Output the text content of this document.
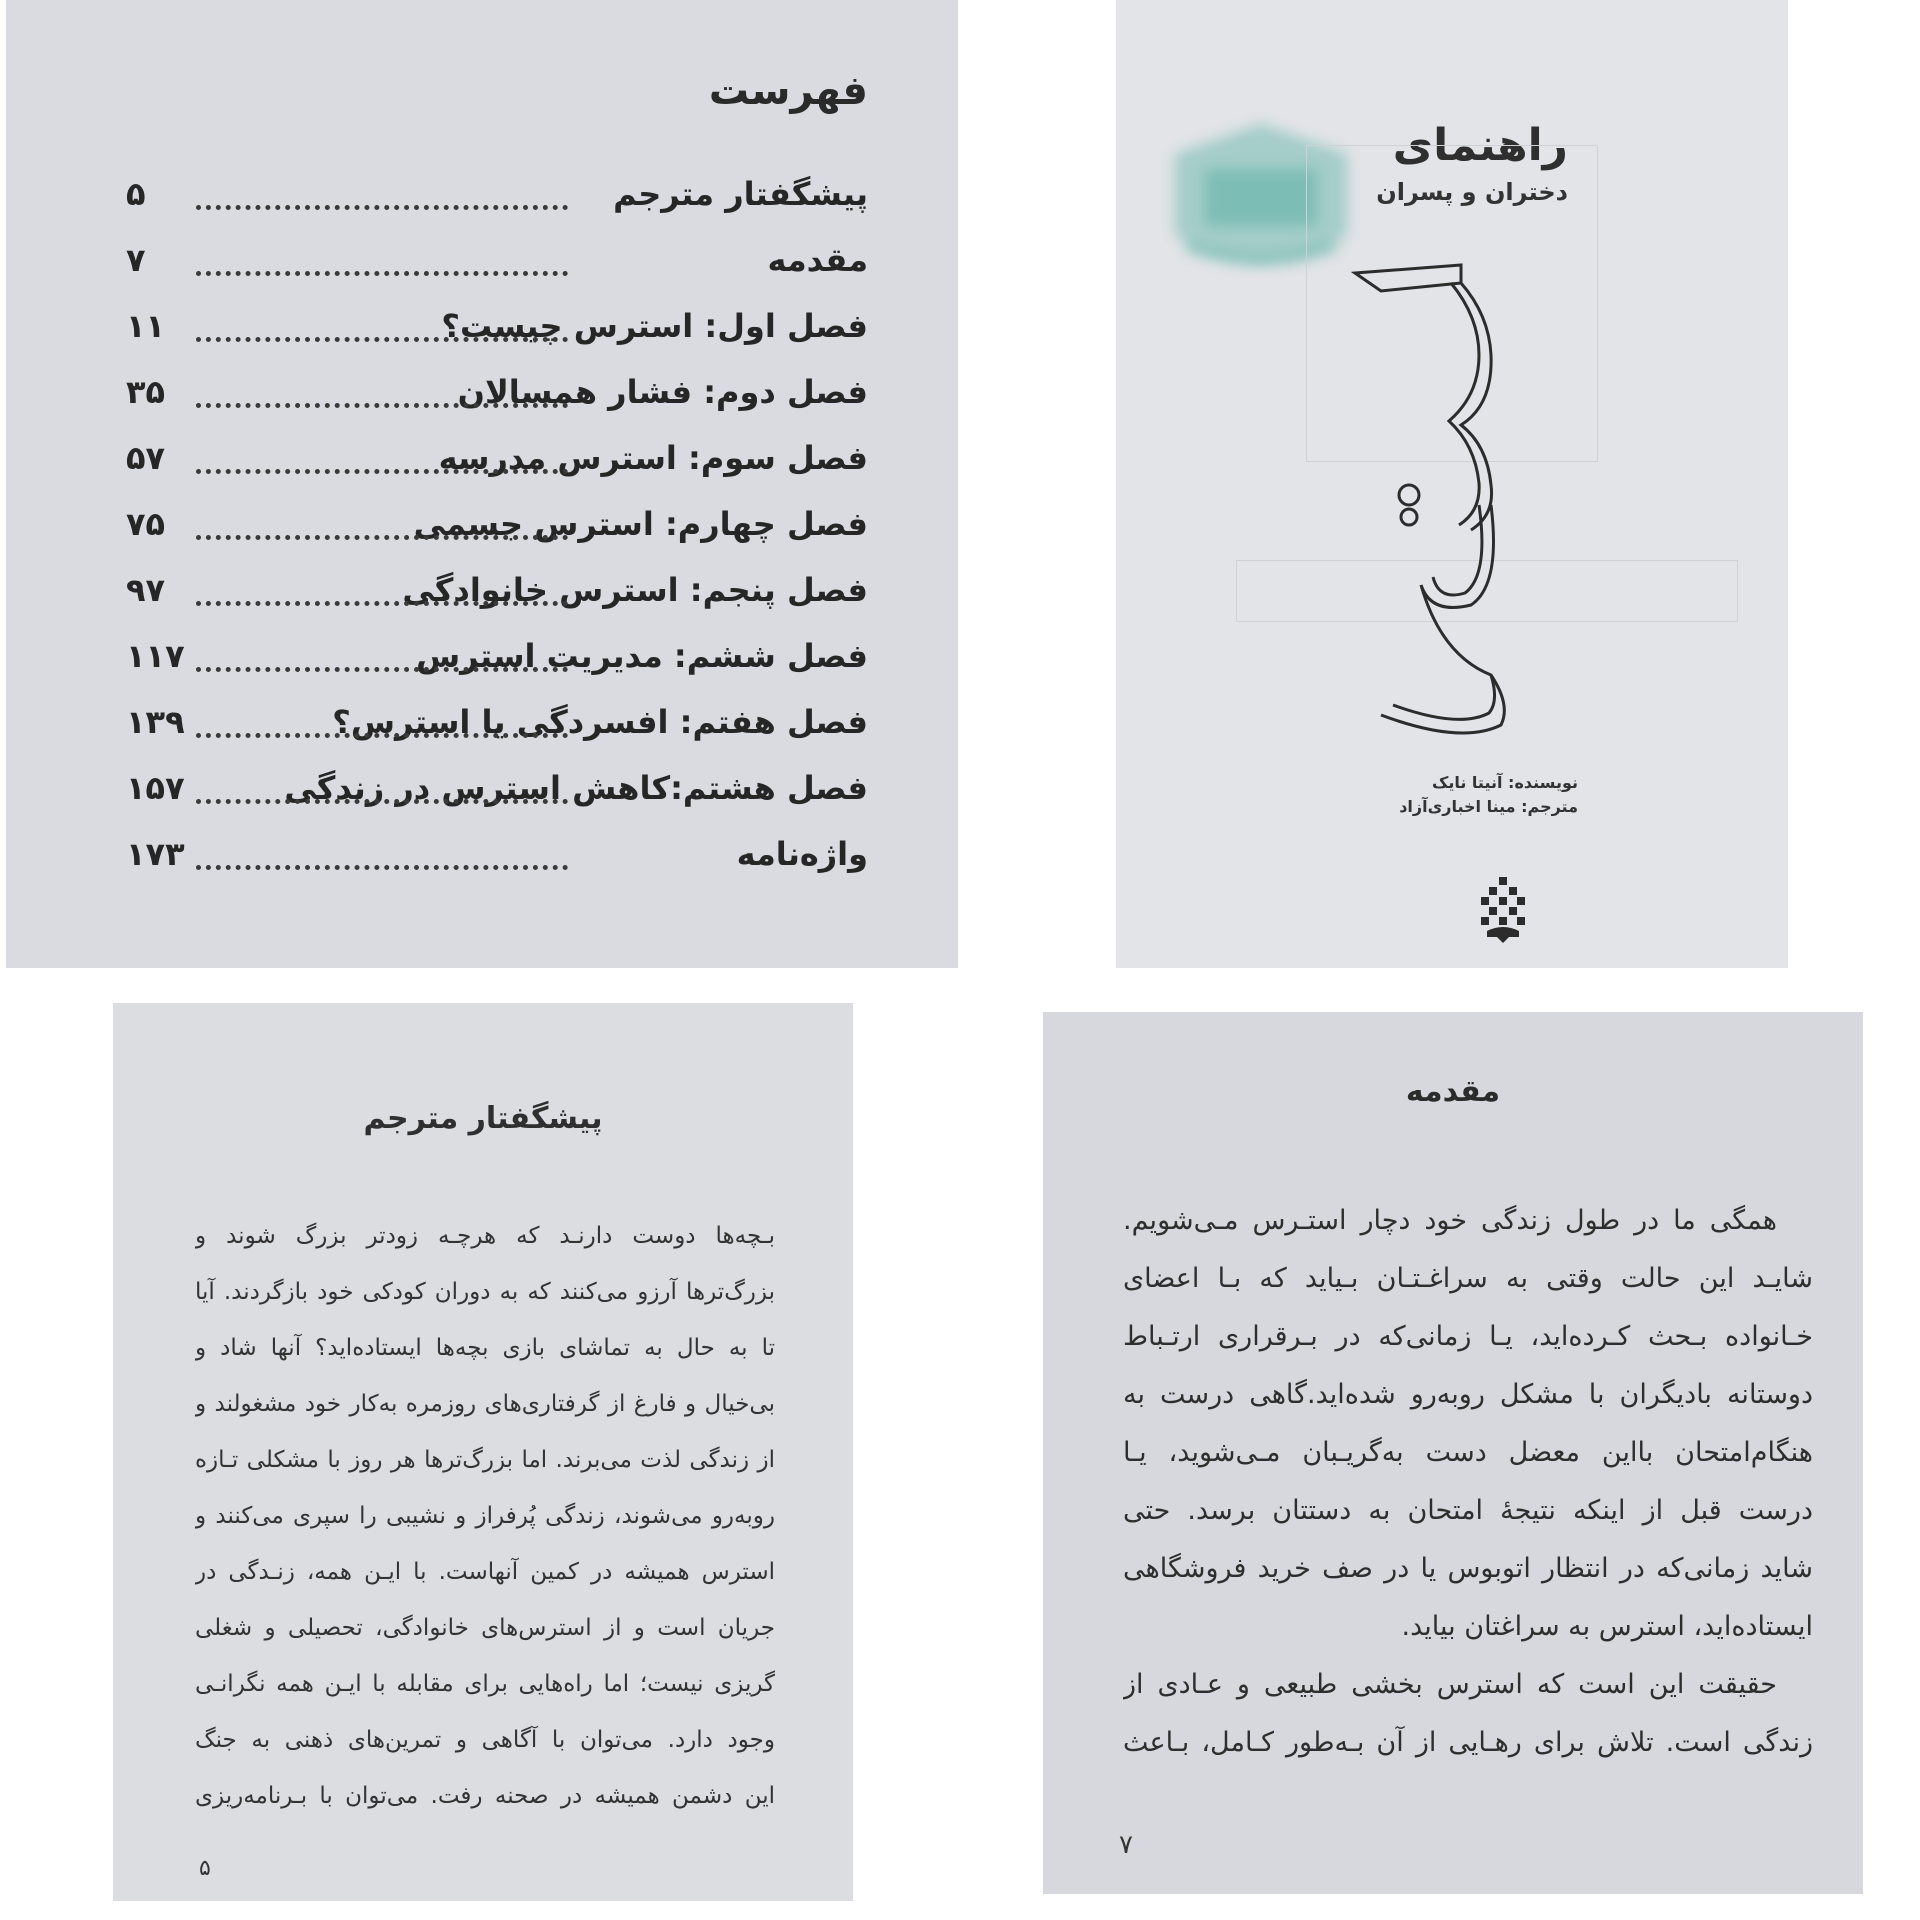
فهرست
پیشگفتار مترجم
۵
مقدمه
۷
فصل اول: استرس چیست؟
۱۱
فصل دوم: فشار همسالان
۳۵
فصل سوم: استرس مدرسه
۵۷
فصل چهارم: استرس جسمی
۷۵
فصل پنجم: استرس خانوادگی
۹۷
فصل ششم: مدیریت استرس
۱۱۷
فصل هفتم: افسردگی یا استرس؟
۱۳۹
فصل هشتم:کاهش استرس در زندگی
۱۵۷
واژه‌نامه
۱۷۳
راهنمای
دختران و پسران
نویسنده: آنیتا نایک
مترجم: مینا اخباری‌آزاد
پیشگفتار مترجم
بـچه‌ها دوست دارنـد که هرچـه زودتر بزرگ شوند و
بزرگ‌ترها آرزو می‌کنند که به دوران کودکی خود بازگردند. آیا
تا به حال به تماشای بازی بچه‌ها ایستاده‌اید؟ آنها شاد و
بی‌خیال و فارغ از گرفتاری‌های روزمره به‌کار خود مشغولند و
از زندگی لذت می‌برند. اما بزرگ‌ترها هر روز با مشکلی تـازه
روبه‌رو می‌شوند، زندگی پُرفراز و نشیبی را سپری می‌کنند و
استرس همیشه در کمین آنهاست. با ایـن همه، زنـدگی در
جریان است و از استرس‌های خانوادگی، تحصیلی و شغلی
گریزی نیست؛ اما راه‌هایی برای مقابله با ایـن همه نگرانـی
وجود دارد. می‌توان با آگاهی و تمرین‌های ذهنی به جنگ
این دشمن همیشه در صحنه رفت. می‌توان با بـرنامه‌ریزی
۵
مقدمه
همگی ما در طول زندگی خود دچار استـرس مـی‌شویم.
شایـد این حالت وقتی به سراغـتـان بـیاید که بـا اعضای
خـانواده بـحث کـرده‌اید، یـا زمانی‌که در بـرقراری ارتـباط
دوستانه بادیگران با مشکل روبه‌رو شده‌اید.گاهی درست به
هنگام‌امتحان بااین معضل دست به‌گریـبان مـی‌شوید، یـا
درست قبل از اینکه نتیجهٔ امتحان به دستتان برسد. حتی
شاید زمانی‌که در انتظار اتوبوس یا در صف خرید فروشگاهی
ایستاده‌اید، استرس به سراغتان بیاید.
حقیقت این است که استرس بخشی طبیعی و عـادی از
زندگی است. تلاش برای رهـایی از آن بـه‌طور کـامل، بـاعث
۷
